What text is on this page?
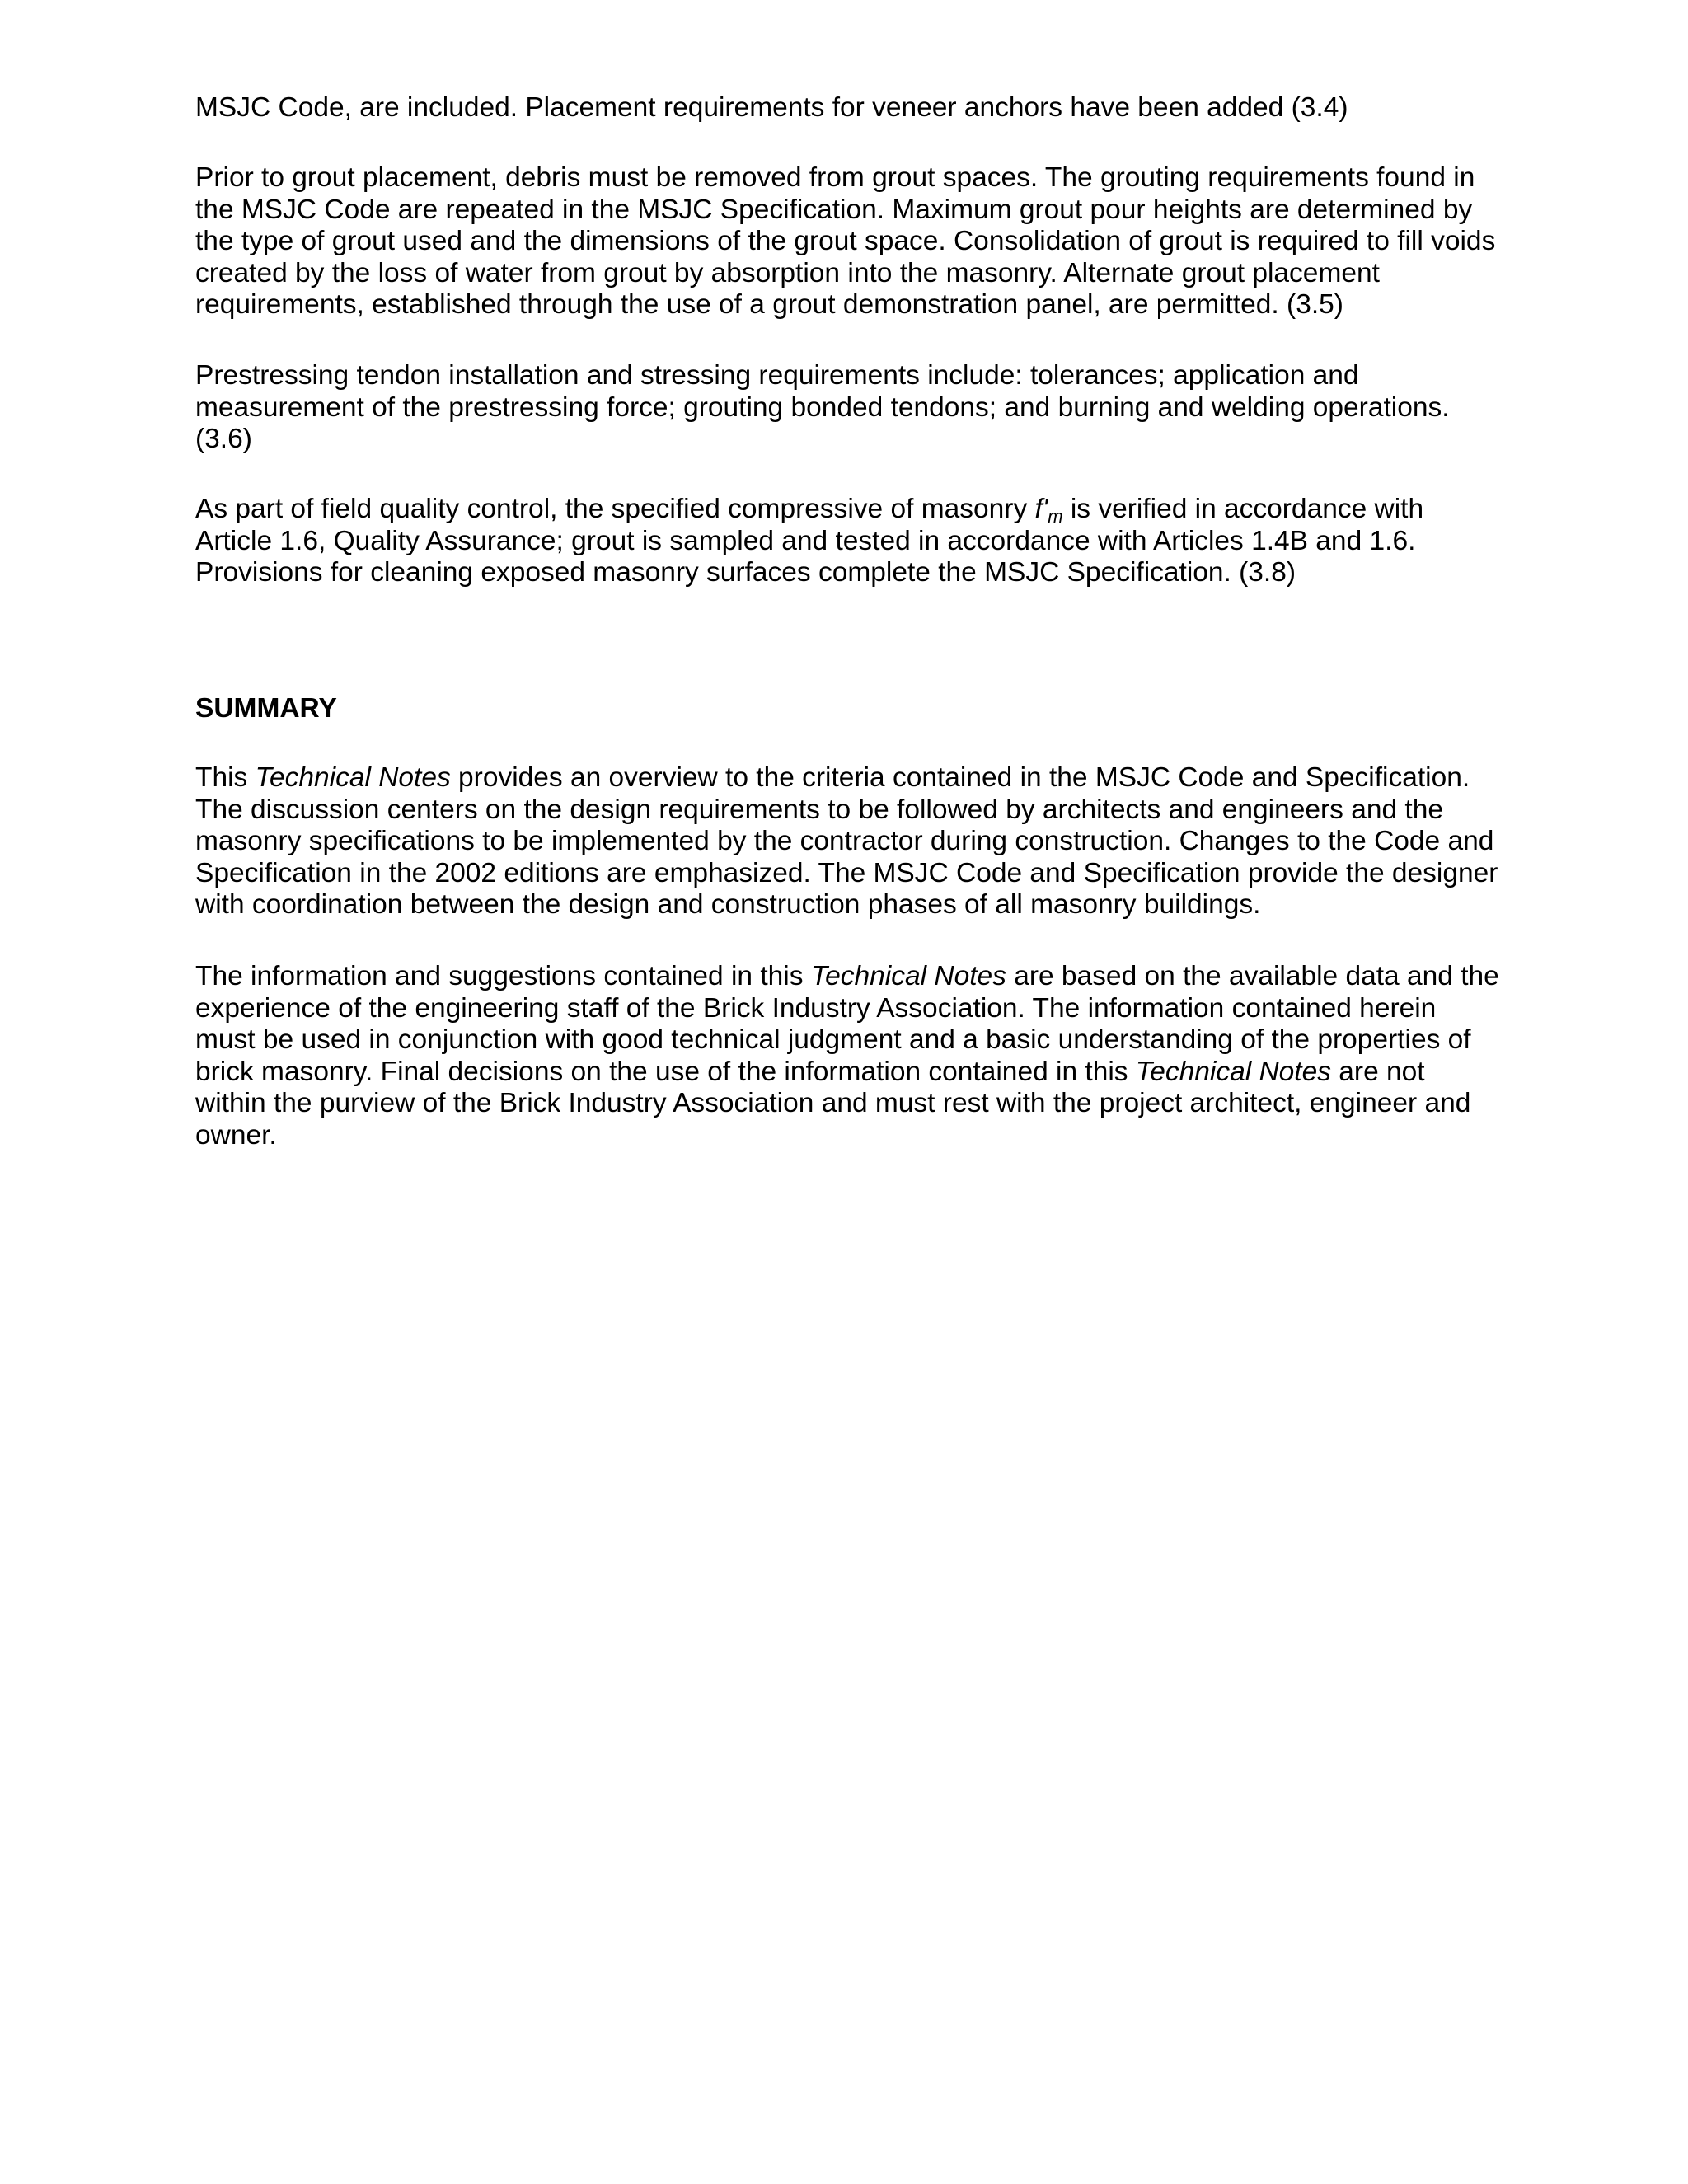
MSJC Code, are included. Placement requirements for veneer anchors have been added (3.4)
Prior to grout placement, debris must be removed from grout spaces. The grouting requirements found in
the MSJC Code are repeated in the MSJC Specification. Maximum grout pour heights are determined by
the type of grout used and the dimensions of the grout space. Consolidation of grout is required to fill voids
created by the loss of water from grout by absorption into the masonry. Alternate grout placement
requirements, established through the use of a grout demonstration panel, are permitted. (3.5)
Prestressing tendon installation and stressing requirements include: tolerances; application and
measurement of the prestressing force; grouting bonded tendons; and burning and welding operations.
(3.6)
As part of field quality control, the specified compressive of masonry $f'_m$ is verified in accordance with
Article 1.6, Quality Assurance; grout is sampled and tested in accordance with Articles 1.4B and 1.6.
Provisions for cleaning exposed masonry surfaces complete the MSJC Specification. (3.8)
SUMMARY
This Technical Notes provides an overview to the criteria contained in the MSJC Code and Specification.
The discussion centers on the design requirements to be followed by architects and engineers and the
masonry specifications to be implemented by the contractor during construction. Changes to the Code and
Specification in the 2002 editions are emphasized. The MSJC Code and Specification provide the designer
with coordination between the design and construction phases of all masonry buildings.
The information and suggestions contained in this Technical Notes are based on the available data and the
experience of the engineering staff of the Brick Industry Association. The information contained herein
must be used in conjunction with good technical judgment and a basic understanding of the properties of
brick masonry. Final decisions on the use of the information contained in this Technical Notes are not
within the purview of the Brick Industry Association and must rest with the project architect, engineer and
owner.
